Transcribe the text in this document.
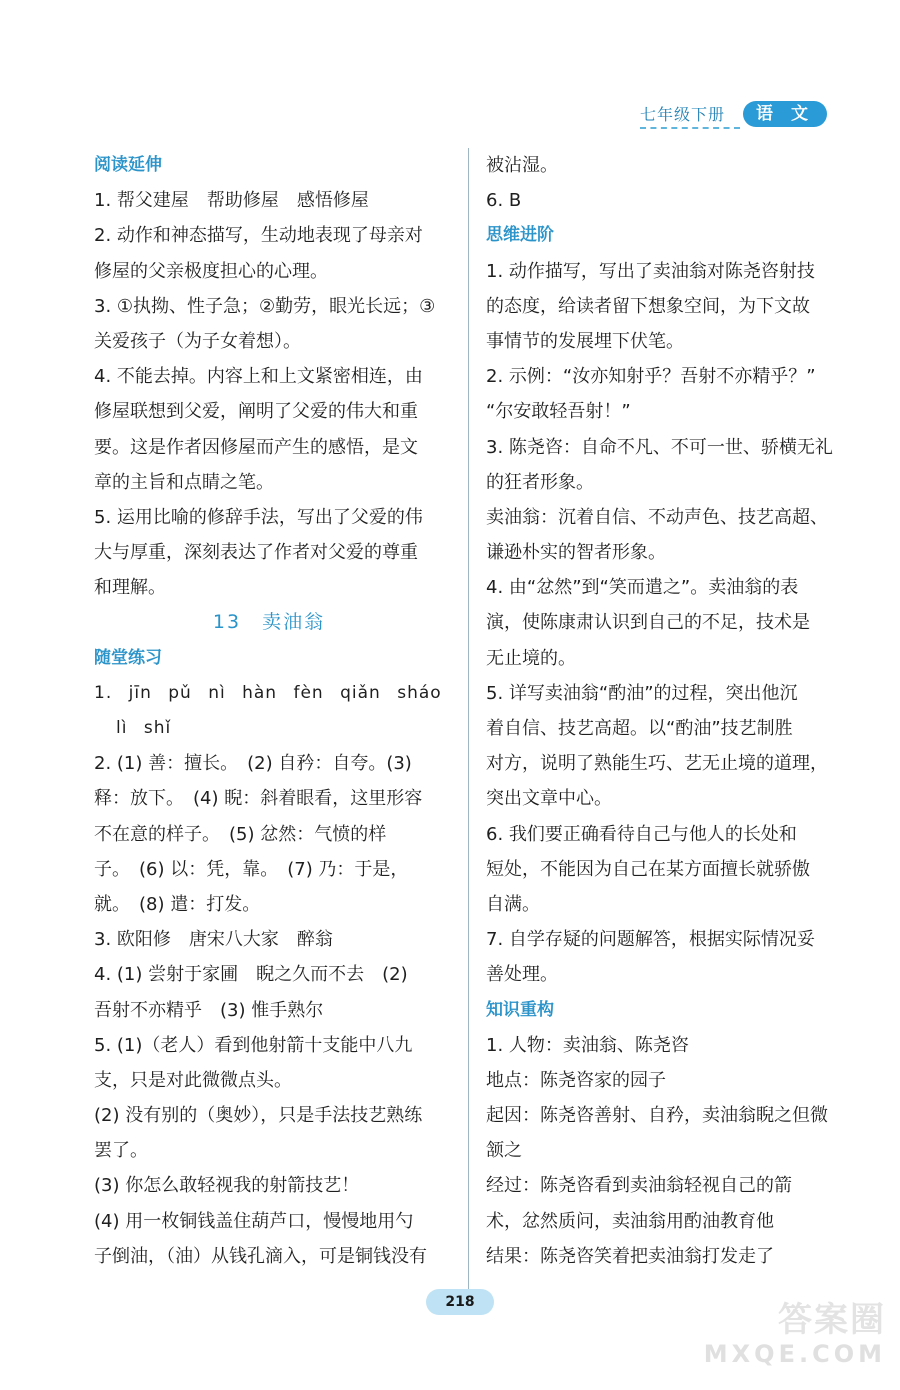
七年级下册	语 文
阅读延伸
1. 帮父建屋　帮助修屋　感悟修屋
2. 动作和神态描写，生动地表现了母亲对
修屋的父亲极度担心的心理。
3. ①执拗、性子急；②勤劳，眼光长远；③
关爱孩子（为子女着想）。
4. 不能去掉。内容上和上文紧密相连，由
修屋联想到父爱，阐明了父爱的伟大和重
要。这是作者因修屋而产生的感悟，是文
章的主旨和点睛之笔。
5. 运用比喻的修辞手法，写出了父爱的伟
大与厚重，深刻表达了作者对父爱的尊重
和理解。
13　卖油翁
随堂练习
1. jīn pǔ nì hàn fèn qiǎn sháo
lì shǐ
2. (1) 善：擅长。　(2) 自矜：自夸。(3)
释：放下。　(4) 睨：斜着眼看，这里形容
不在意的样子。　(5) 忿然：气愤的样
子。　(6) 以：凭，靠。　(7) 乃：于是，
就。　(8) 遣：打发。
3. 欧阳修　唐宋八大家　醉翁
4. (1) 尝射于家圃　睨之久而不去　(2)
吾射不亦精乎　(3) 惟手熟尔
5. (1)（老人）看到他射箭十支能中八九
支，只是对此微微点头。
(2) 没有别的（奥妙），只是手法技艺熟练
罢了。
(3) 你怎么敢轻视我的射箭技艺！
(4) 用一枚铜钱盖住葫芦口，慢慢地用勺
子倒油，（油）从钱孔滴入，可是铜钱没有
被沾湿。
6. B
思维进阶
1. 动作描写，写出了卖油翁对陈尧咨射技
的态度，给读者留下想象空间，为下文故
事情节的发展埋下伏笔。
2. 示例：“汝亦知射乎？吾射不亦精乎？”
“尔安敢轻吾射！”
3. 陈尧咨：自命不凡、不可一世、骄横无礼
的狂者形象。
卖油翁：沉着自信、不动声色、技艺高超、
谦逊朴实的智者形象。
4. 由“忿然”到“笑而遣之”。卖油翁的表
演，使陈康肃认识到自己的不足，技术是
无止境的。
5. 详写卖油翁“酌油”的过程，突出他沉
着自信、技艺高超。以“酌油”技艺制胜
对方，说明了熟能生巧、艺无止境的道理，
突出文章中心。
6. 我们要正确看待自己与他人的长处和
短处，不能因为自己在某方面擅长就骄傲
自满。
7. 自学存疑的问题解答，根据实际情况妥
善处理。
知识重构
1. 人物：卖油翁、陈尧咨
地点：陈尧咨家的园子
起因：陈尧咨善射、自矜，卖油翁睨之但微
颔之
经过：陈尧咨看到卖油翁轻视自己的箭
术，忿然质问，卖油翁用酌油教育他
结果：陈尧咨笑着把卖油翁打发走了
218	答案圈
MXQE.COM
